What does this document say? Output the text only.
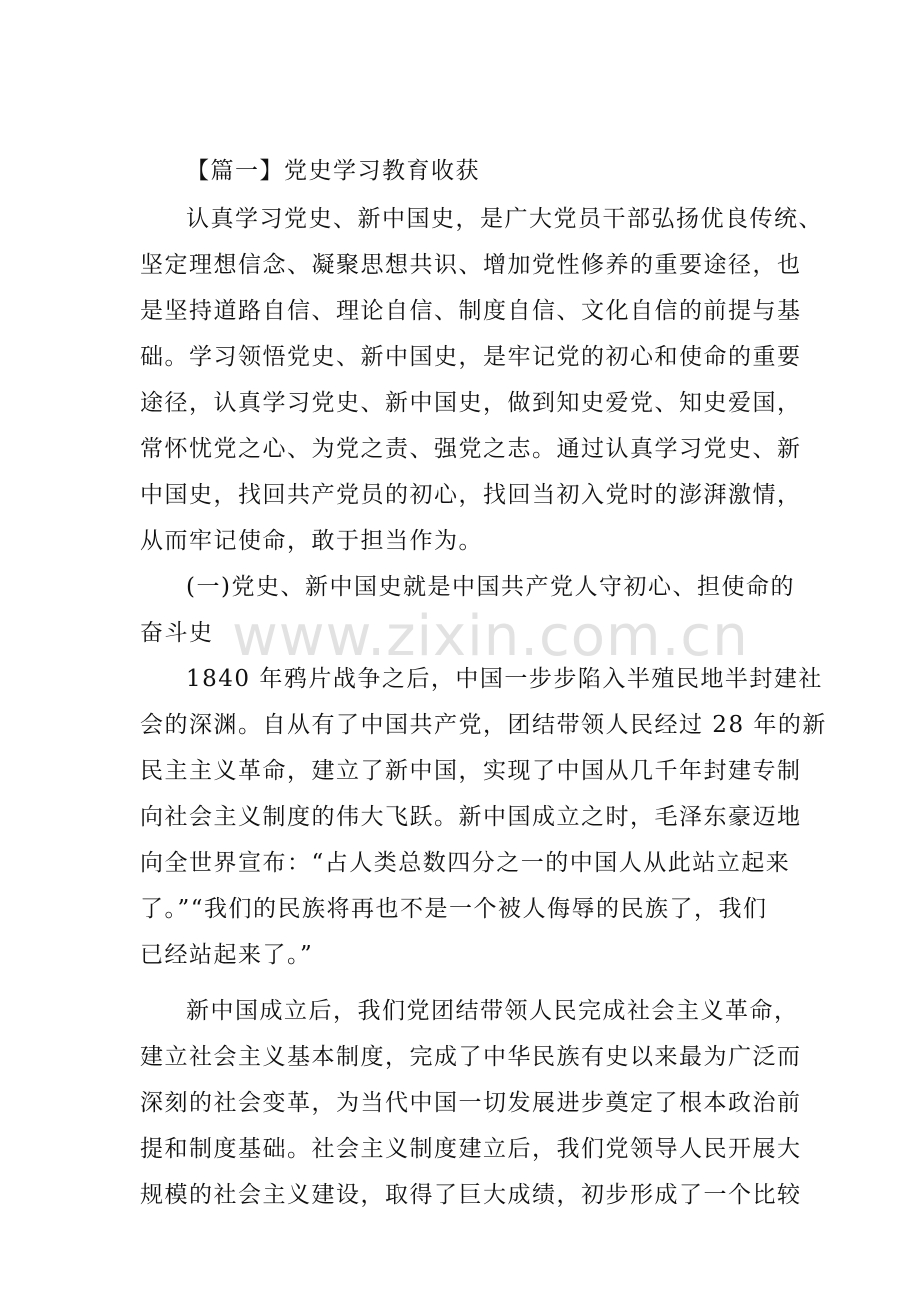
【篇一】党史学习教育收获
认真学习党史、新中国史，是广大党员干部弘扬优良传统、
坚定理想信念、凝聚思想共识、增加党性修养的重要途径，也
是坚持道路自信、理论自信、制度自信、文化自信的前提与基
础。学习领悟党史、新中国史，是牢记党的初心和使命的重要
途径，认真学习党史、新中国史，做到知史爱党、知史爱国，
常怀忧党之心、为党之责、强党之志。通过认真学习党史、新
中国史，找回共产党员的初心，找回当初入党时的澎湃激情，
从而牢记使命，敢于担当作为。
(一)党史、新中国史就是中国共产党人守初心、担使命的
奋斗史
1840 年鸦片战争之后，中国一步步陷入半殖民地半封建社
会的深渊。自从有了中国共产党，团结带领人民经过 28 年的新
民主主义革命，建立了新中国，实现了中国从几千年封建专制
向社会主义制度的伟大飞跃。新中国成立之时，毛泽东豪迈地
向全世界宣布：“占人类总数四分之一的中国人从此站立起来
了。”“我们的民族将再也不是一个被人侮辱的民族了，我们
已经站起来了。”
新中国成立后，我们党团结带领人民完成社会主义革命，
建立社会主义基本制度，完成了中华民族有史以来最为广泛而
深刻的社会变革，为当代中国一切发展进步奠定了根本政治前
提和制度基础。社会主义制度建立后，我们党领导人民开展大
规模的社会主义建设，取得了巨大成绩，初步形成了一个比较
www.zixin.com.cn
